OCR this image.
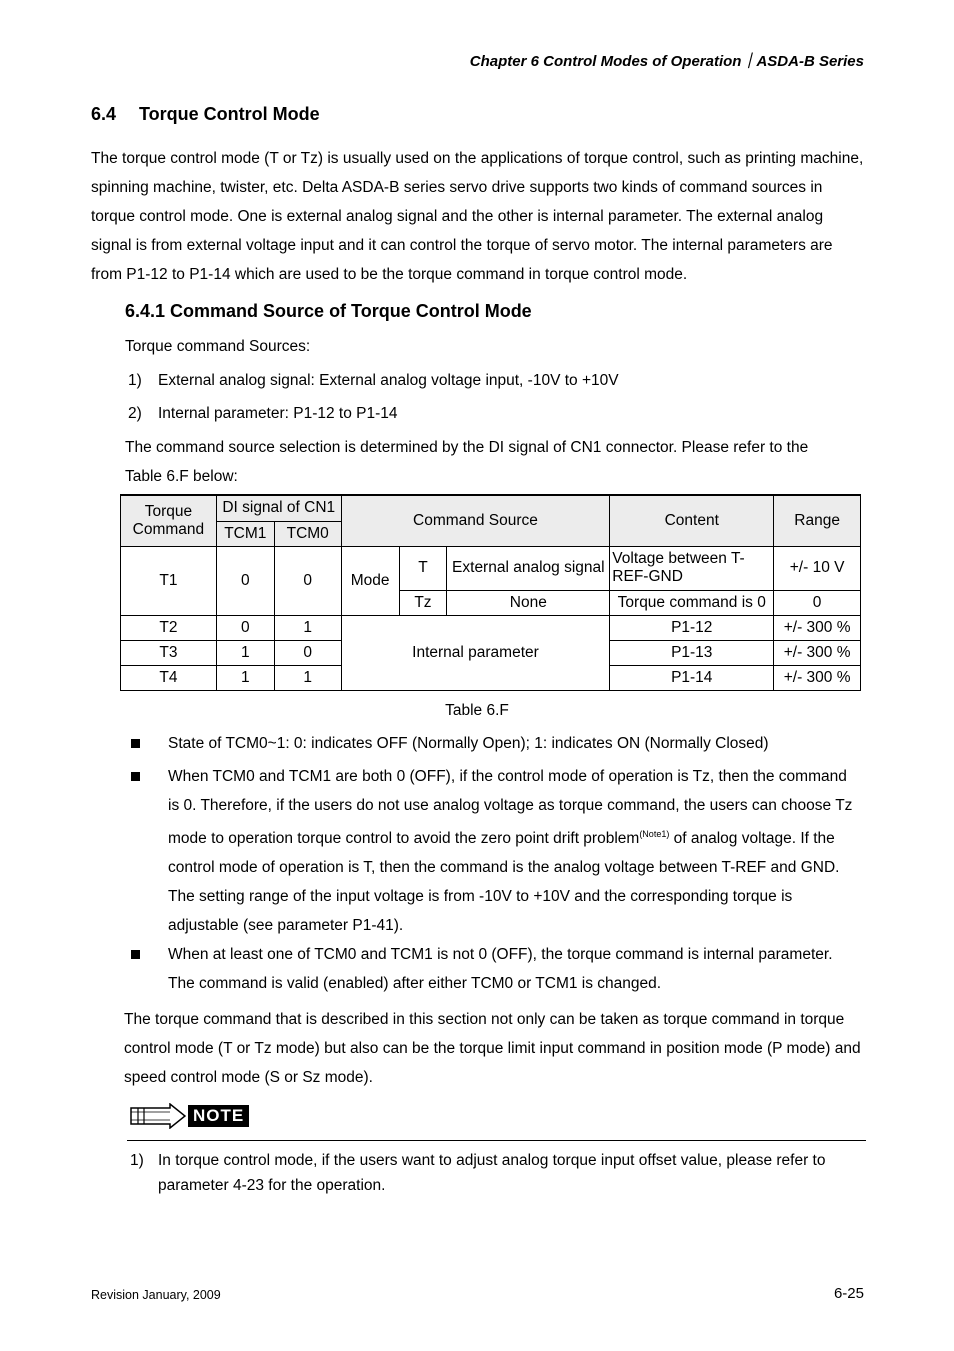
Chapter 6 Control Modes of Operation｜ASDA-B Series
6.4 Torque Control Mode
The torque control mode (T or Tz) is usually used on the applications of torque control, such as printing machine, spinning machine, twister, etc. Delta ASDA-B series servo drive supports two kinds of command sources in torque control mode. One is external analog signal and the other is internal parameter. The external analog signal is from external voltage input and it can control the torque of servo motor. The internal parameters are from P1-12 to P1-14 which are used to be the torque command in torque control mode.
6.4.1 Command Source of Torque Control Mode
Torque command Sources:
1) External analog signal: External analog voltage input, -10V to +10V
2) Internal parameter: P1-12 to P1-14
The command source selection is determined by the DI signal of CN1 connector. Please refer to the
Table 6.F below:
Torque Command	DI signal of CN1		Command Source			Content	Range
	TCM1	TCM0					
T1	0	0	Mode	T	External analog signal	Voltage between T-REF-GND	+/- 10 V
				Tz	None	Torque command is 0	0
T2	0	1	Internal parameter			P1-12	+/- 300 %
T3	1	0				P1-13	+/- 300 %
T4	1	1				P1-14	+/- 300 %
Table 6.F
State of TCM0~1: 0: indicates OFF (Normally Open); 1: indicates ON (Normally Closed)
When TCM0 and TCM1 are both 0 (OFF), if the control mode of operation is Tz, then the command is 0. Therefore, if the users do not use analog voltage as torque command, the users can choose Tz mode to operation torque control to avoid the zero point drift problem$^{(Note1)}$ of analog voltage. If the control mode of operation is T, then the command is the analog voltage between T-REF and GND. The setting range of the input voltage is from -10V to +10V and the corresponding torque is adjustable (see parameter P1-41).
When at least one of TCM0 and TCM1 is not 0 (OFF), the torque command is internal parameter. The command is valid (enabled) after either TCM0 or TCM1 is changed.
The torque command that is described in this section not only can be taken as torque command in torque control mode (T or Tz mode) but also can be the torque limit input command in position mode (P mode) and speed control mode (S or Sz mode).
NOTE
1) In torque control mode, if the users want to adjust analog torque input offset value, please refer to parameter 4-23 for the operation.
Revision January, 2009	6-25
